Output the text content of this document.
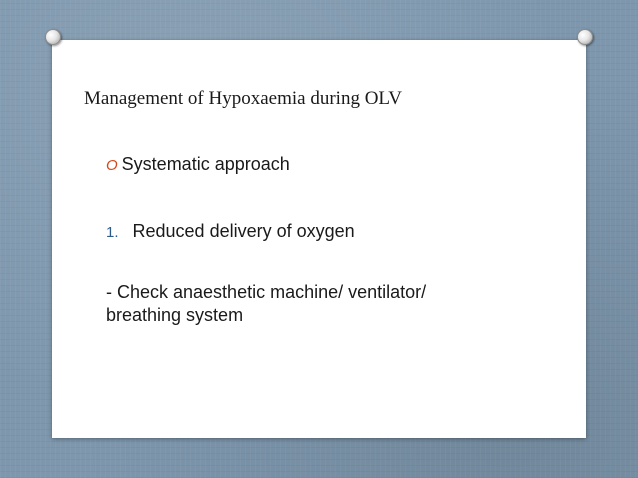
Management of Hypoxaemia during OLV

O Systematic approach

1. Reduced delivery of oxygen

- Check anaesthetic machine/ ventilator/
breathing system
